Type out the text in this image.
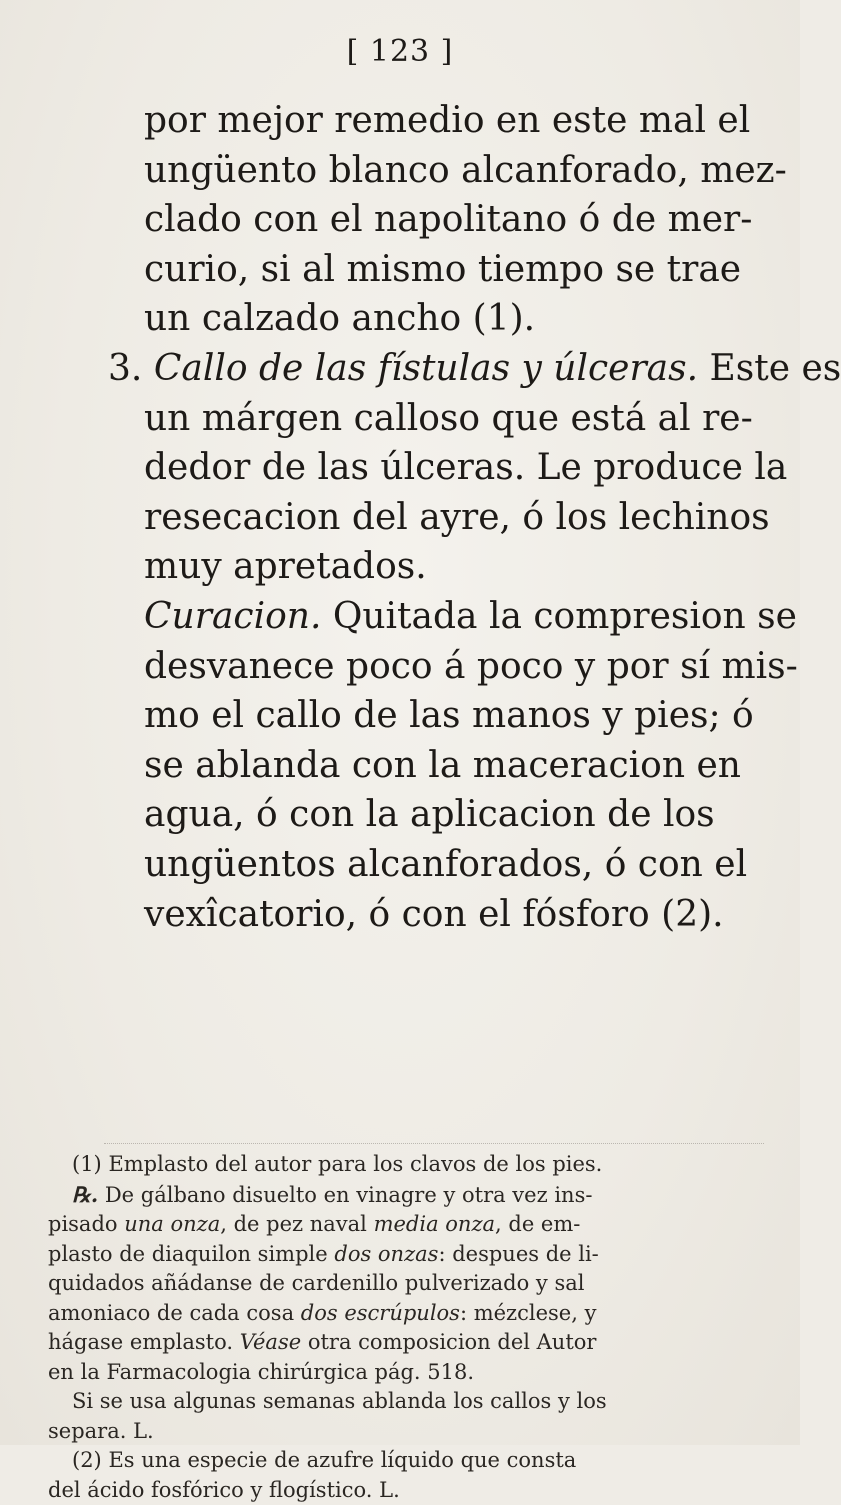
[ 123 ]

por mejor remedio en este mal el
ungüento blanco alcanforado, mez-
clado con el napolitano ó de mer-
curio, si al mismo tiempo se trae
un calzado ancho (1).

3. Callo de las fístulas y úlceras. Este es
un márgen calloso que está al re-
dedor de las úlceras. Le produce la
resecacion del ayre, ó los lechinos
muy apretados.

Curacion. Quitada la compresion se
desvanece poco á poco y por sí mis-
mo el callo de las manos y pies; ó
se ablanda con la maceracion en
agua, ó con la aplicacion de los
ungüentos alcanforados, ó con el
vexîcatorio, ó con el fósforo (2).

(1) Emplasto del autor para los clavos de los pies.
℞. De gálbano disuelto en vinagre y otra vez ins-
pisado una onza, de pez naval media onza, de em-
plasto de diaquilon simple dos onzas: despues de li-
quidados añádanse de cardenillo pulverizado y sal
amoniaco de cada cosa dos escrúpulos: mézclese, y
hágase emplasto. Véase otra composicion del Autor
en la Farmacologia chirúrgica pág. 518.
Si se usa algunas semanas ablanda los callos y los
separa. L.
(2) Es una especie de azufre líquido que consta
del ácido fosfórico y flogístico. L.
